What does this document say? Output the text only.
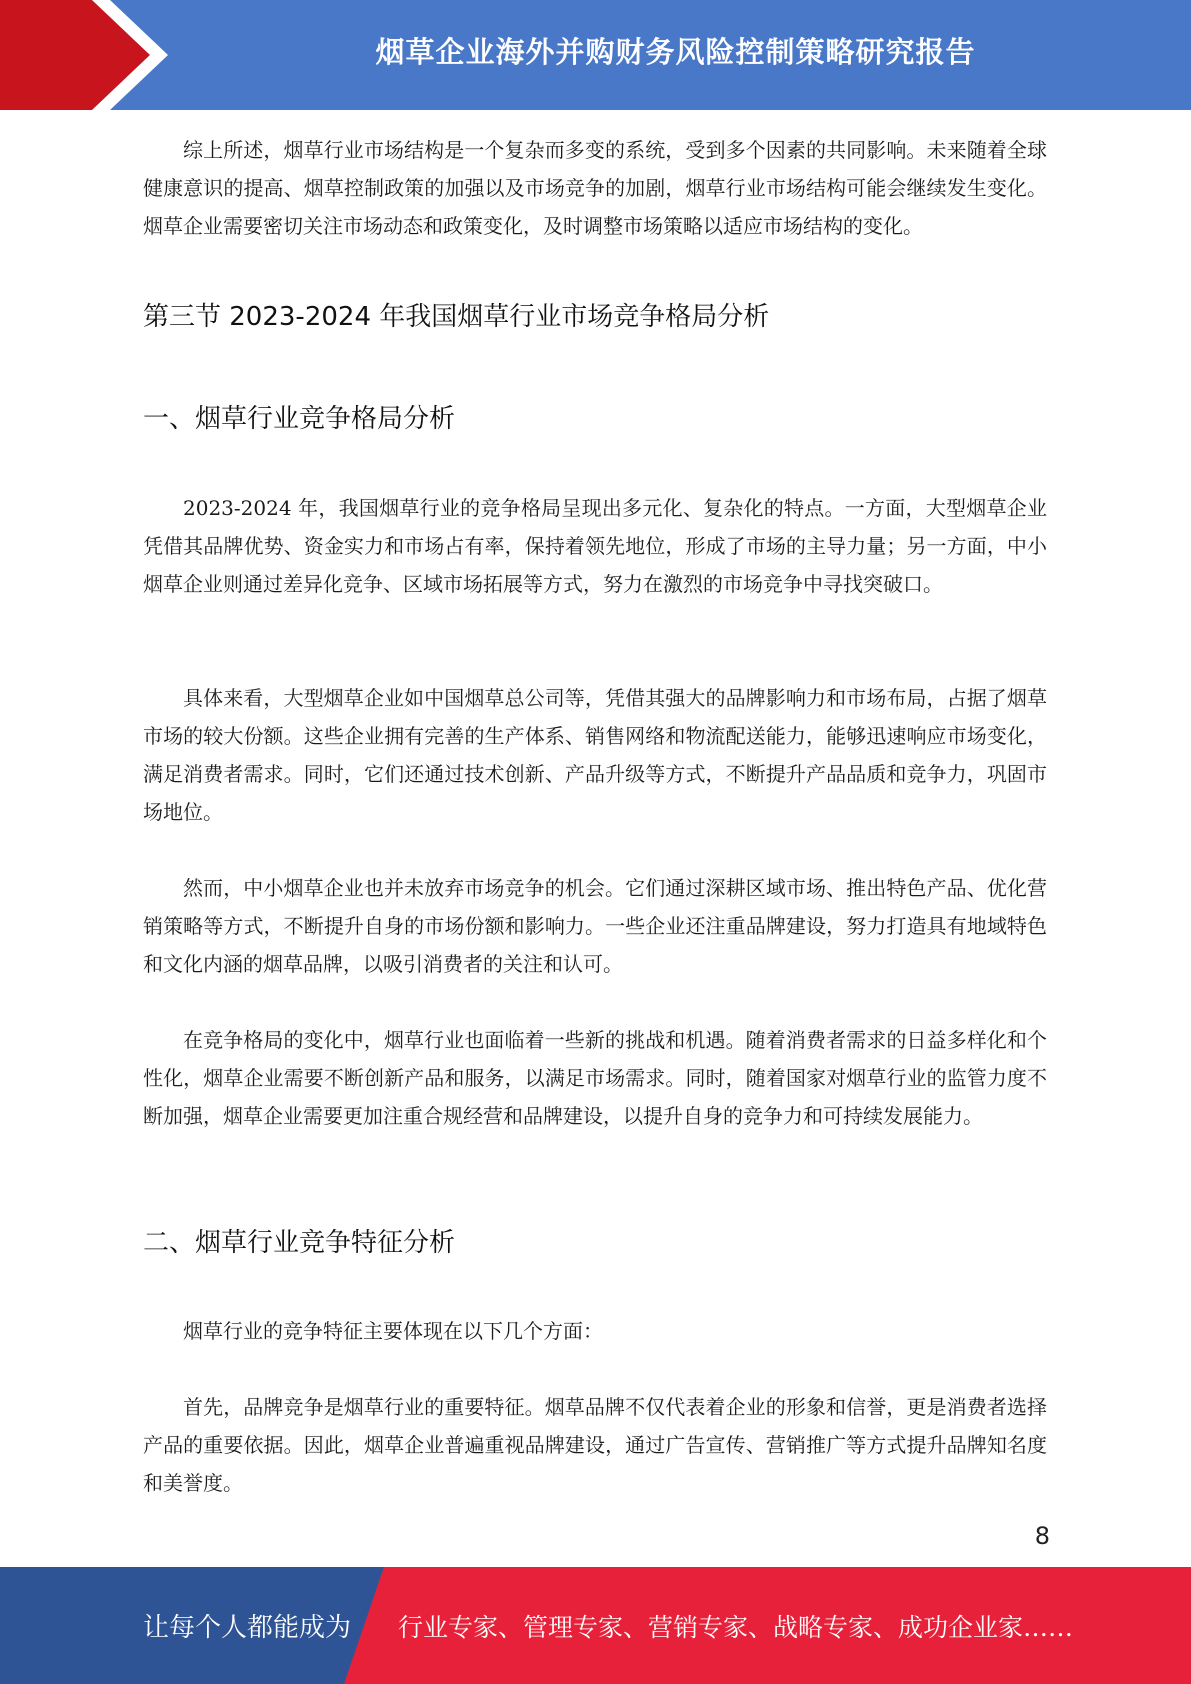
烟草企业海外并购财务风险控制策略研究报告

综上所述，烟草行业市场结构是一个复杂而多变的系统，受到多个因素的共同影响。未来随着全球健康意识的提高、烟草控制政策的加强以及市场竞争的加剧，烟草行业市场结构可能会继续发生变化。烟草企业需要密切关注市场动态和政策变化，及时调整市场策略以适应市场结构的变化。

第三节 2023-2024 年我国烟草行业市场竞争格局分析
一、烟草行业竞争格局分析

2023-2024 年，我国烟草行业的竞争格局呈现出多元化、复杂化的特点。一方面，大型烟草企业凭借其品牌优势、资金实力和市场占有率，保持着领先地位，形成了市场的主导力量；另一方面，中小烟草企业则通过差异化竞争、区域市场拓展等方式，努力在激烈的市场竞争中寻找突破口。

具体来看，大型烟草企业如中国烟草总公司等，凭借其强大的品牌影响力和市场布局，占据了烟草市场的较大份额。这些企业拥有完善的生产体系、销售网络和物流配送能力，能够迅速响应市场变化，满足消费者需求。同时，它们还通过技术创新、产品升级等方式，不断提升产品品质和竞争力，巩固市场地位。

然而，中小烟草企业也并未放弃市场竞争的机会。它们通过深耕区域市场、推出特色产品、优化营销策略等方式，不断提升自身的市场份额和影响力。一些企业还注重品牌建设，努力打造具有地域特色和文化内涵的烟草品牌，以吸引消费者的关注和认可。

在竞争格局的变化中，烟草行业也面临着一些新的挑战和机遇。随着消费者需求的日益多样化和个性化，烟草企业需要不断创新产品和服务，以满足市场需求。同时，随着国家对烟草行业的监管力度不断加强，烟草企业需要更加注重合规经营和品牌建设，以提升自身的竞争力和可持续发展能力。

二、烟草行业竞争特征分析

烟草行业的竞争特征主要体现在以下几个方面：

首先，品牌竞争是烟草行业的重要特征。烟草品牌不仅代表着企业的形象和信誉，更是消费者选择产品的重要依据。因此，烟草企业普遍重视品牌建设，通过广告宣传、营销推广等方式提升品牌知名度和美誉度。

8
让每个人都能成为 行业专家、管理专家、营销专家、战略专家、成功企业家……
